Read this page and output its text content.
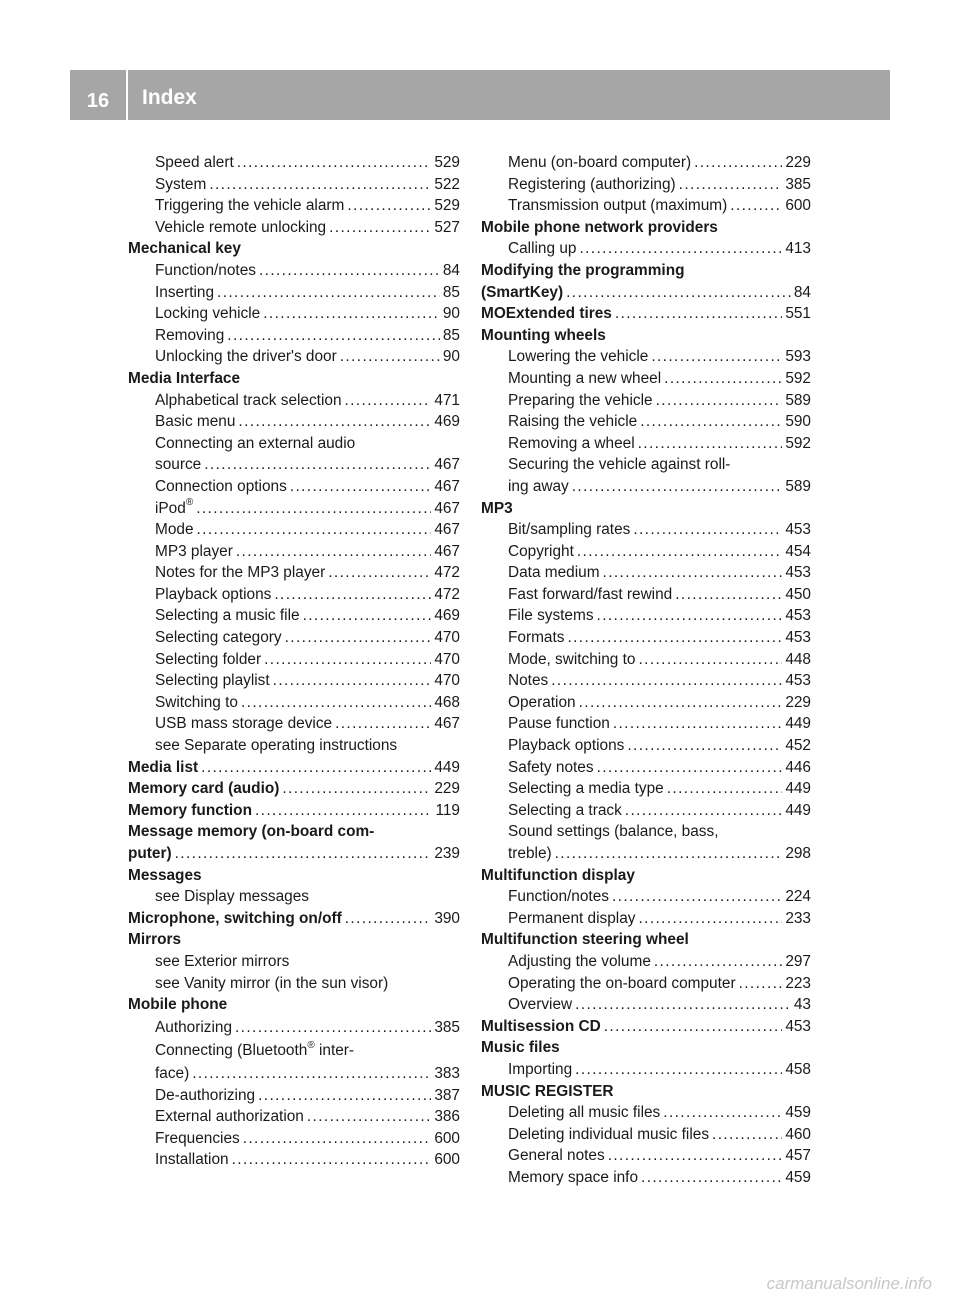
16	Index
Speed alert .....	529
System .....	522
Triggering the vehicle alarm .....	529
Vehicle remote unlocking .....	527
Mechanical key
Function/notes .....	84
Inserting .....	85
Locking vehicle .....	90
Removing .....	85
Unlocking the driver's door .....	90
Media Interface
Alphabetical track selection .....	471
Basic menu .....	469
Connecting an external audio
source .....	467
Connection options .....	467
iPod® .....	467
Mode .....	467
MP3 player .....	467
Notes for the MP3 player .....	472
Playback options .....	472
Selecting a music file .....	469
Selecting category .....	470
Selecting folder .....	470
Selecting playlist .....	470
Switching to .....	468
USB mass storage device .....	467
see Separate operating instructions
Media list .....	449
Memory card (audio) .....	229
Memory function .....	119
Message memory (on-board com-
puter) .....	239
Messages
see Display messages
Microphone, switching on/off .....	390
Mirrors
see Exterior mirrors
see Vanity mirror (in the sun visor)
Mobile phone
Authorizing .....	385
Connecting (Bluetooth® inter-
face) .....	383
De-authorizing .....	387
External authorization .....	386
Frequencies .....	600
Installation .....	600
Menu (on-board computer) .....	229
Registering (authorizing) .....	385
Transmission output (maximum) .....	600
Mobile phone network providers
Calling up .....	413
Modifying the programming
(SmartKey) .....	84
MOExtended tires .....	551
Mounting wheels
Lowering the vehicle .....	593
Mounting a new wheel .....	592
Preparing the vehicle .....	589
Raising the vehicle .....	590
Removing a wheel .....	592
Securing the vehicle against roll-
ing away .....	589
MP3
Bit/sampling rates .....	453
Copyright .....	454
Data medium .....	453
Fast forward/fast rewind .....	450
File systems .....	453
Formats .....	453
Mode, switching to .....	448
Notes .....	453
Operation .....	229
Pause function .....	449
Playback options .....	452
Safety notes .....	446
Selecting a media type .....	449
Selecting a track .....	449
Sound settings (balance, bass,
treble) .....	298
Multifunction display
Function/notes .....	224
Permanent display .....	233
Multifunction steering wheel
Adjusting the volume .....	297
Operating the on-board computer .....	223
Overview .....	43
Multisession CD .....	453
Music files
Importing .....	458
MUSIC REGISTER
Deleting all music files .....	459
Deleting individual music files .....	460
General notes .....	457
Memory space info .....	459
carmanualsonline.info
